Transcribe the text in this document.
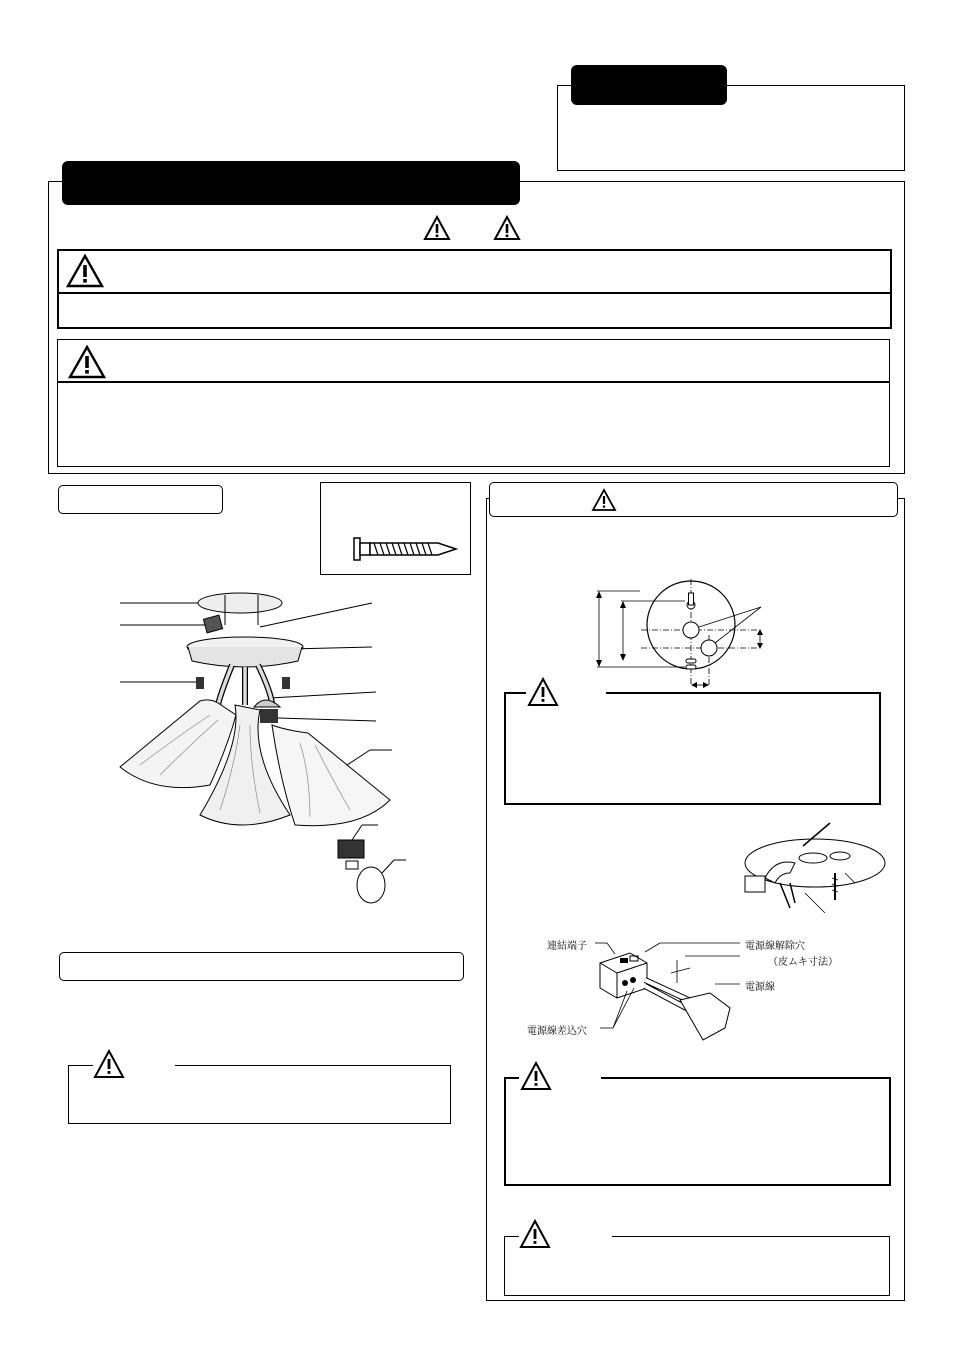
連結端子	電源線解除穴
（皮ムキ寸法）
電源線
電源線差込穴
